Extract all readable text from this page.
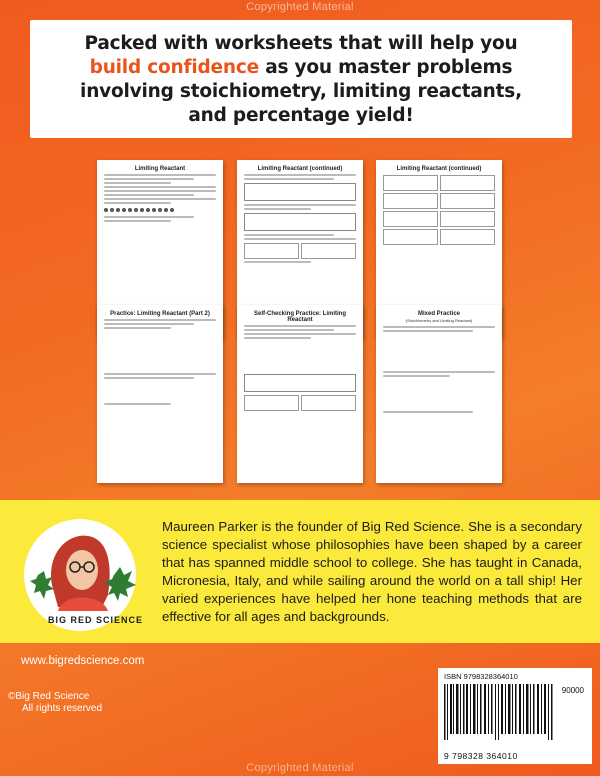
Copyrighted Material

Packed with worksheets that will help you

build confidence as you master problems

involving stoichiometry, limiting reactants,

and percentage yield!

Limiting Reactant	Limiting Reactant (continued)	Limiting Reactant (continued)
Practice: Limiting Reactant (Part 2)	Self-Checking Practice: Limiting Reactant
Mixed Practice
(Stoichiometry and Limiting Reactant)
Maureen Parker is the founder of Big Red Science. She is a secondary science specialist whose philosophies have been shaped by a career that has spanned middle school to college. She has taught in Canada, Micronesia, Italy, and while sailing around the world on a tall ship! Her varied experiences have helped her hone teaching methods that are effective for all ages and backgrounds.
BIG RED SCIENCE
www.bigredscience.com
©Big Red Science
All rights reserved
ISBN 9798328364010
90000
9 798328 364010
Copyrighted Material
